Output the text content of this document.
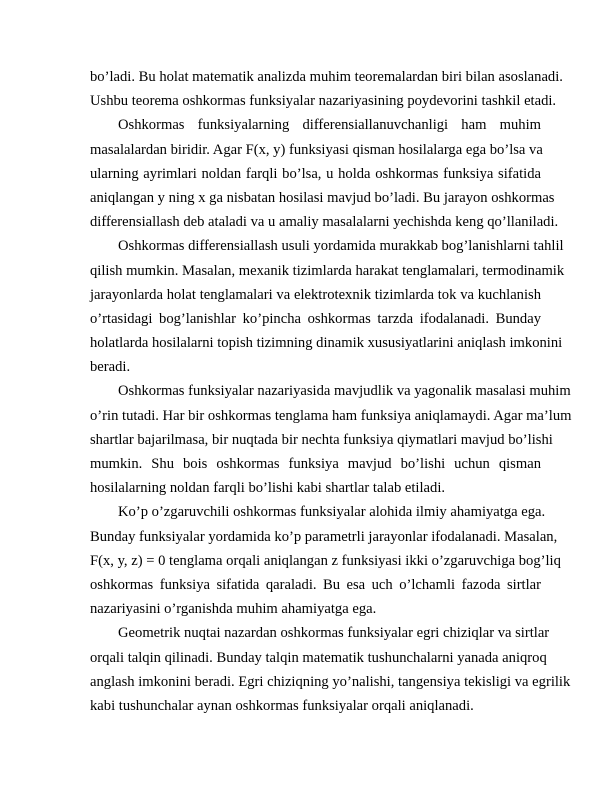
bo’ladi. Bu holat matematik analizda muhim teoremalardan biri bilan asoslanadi.
Ushbu teorema oshkormas funksiyalar nazariyasining poydevorini tashkil etadi.
Oshkormas funksiyalarning differensiallanuvchanligi ham muhim
masalalardan biridir. Agar F(x, y) funksiyasi qisman hosilalarga ega bo’lsa va
ularning ayrimlari noldan farqli bo’lsa, u holda oshkormas funksiya sifatida
aniqlangan y ning x ga nisbatan hosilasi mavjud bo’ladi. Bu jarayon oshkormas
differensiallash deb ataladi va u amaliy masalalarni yechishda keng qo’llaniladi.
Oshkormas differensiallash usuli yordamida murakkab bog’lanishlarni tahlil
qilish mumkin. Masalan, mexanik tizimlarda harakat tenglamalari, termodinamik
jarayonlarda holat tenglamalari va elektrotexnik tizimlarda tok va kuchlanish
o’rtasidagi bog’lanishlar ko’pincha oshkormas tarzda ifodalanadi. Bunday
holatlarda hosilalarni topish tizimning dinamik xususiyatlarini aniqlash imkonini
beradi.
Oshkormas funksiyalar nazariyasida mavjudlik va yagonalik masalasi muhim
o’rin tutadi. Har bir oshkormas tenglama ham funksiya aniqlamaydi. Agar ma’lum
shartlar bajarilmasa, bir nuqtada bir nechta funksiya qiymatlari mavjud bo’lishi
mumkin. Shu bois oshkormas funksiya mavjud bo’lishi uchun qisman
hosilalarning noldan farqli bo’lishi kabi shartlar talab etiladi.
Ko’p o’zgaruvchili oshkormas funksiyalar alohida ilmiy ahamiyatga ega.
Bunday funksiyalar yordamida ko’p parametrli jarayonlar ifodalanadi. Masalan,
F(x, y, z) = 0 tenglama orqali aniqlangan z funksiyasi ikki o’zgaruvchiga bog’liq
oshkormas funksiya sifatida qaraladi. Bu esa uch o’lchamli fazoda sirtlar
nazariyasini o’rganishda muhim ahamiyatga ega.
Geometrik nuqtai nazardan oshkormas funksiyalar egri chiziqlar va sirtlar
orqali talqin qilinadi. Bunday talqin matematik tushunchalarni yanada aniqroq
anglash imkonini beradi. Egri chiziqning yo’nalishi, tangensiya tekisligi va egrilik
kabi tushunchalar aynan oshkormas funksiyalar orqali aniqlanadi.
